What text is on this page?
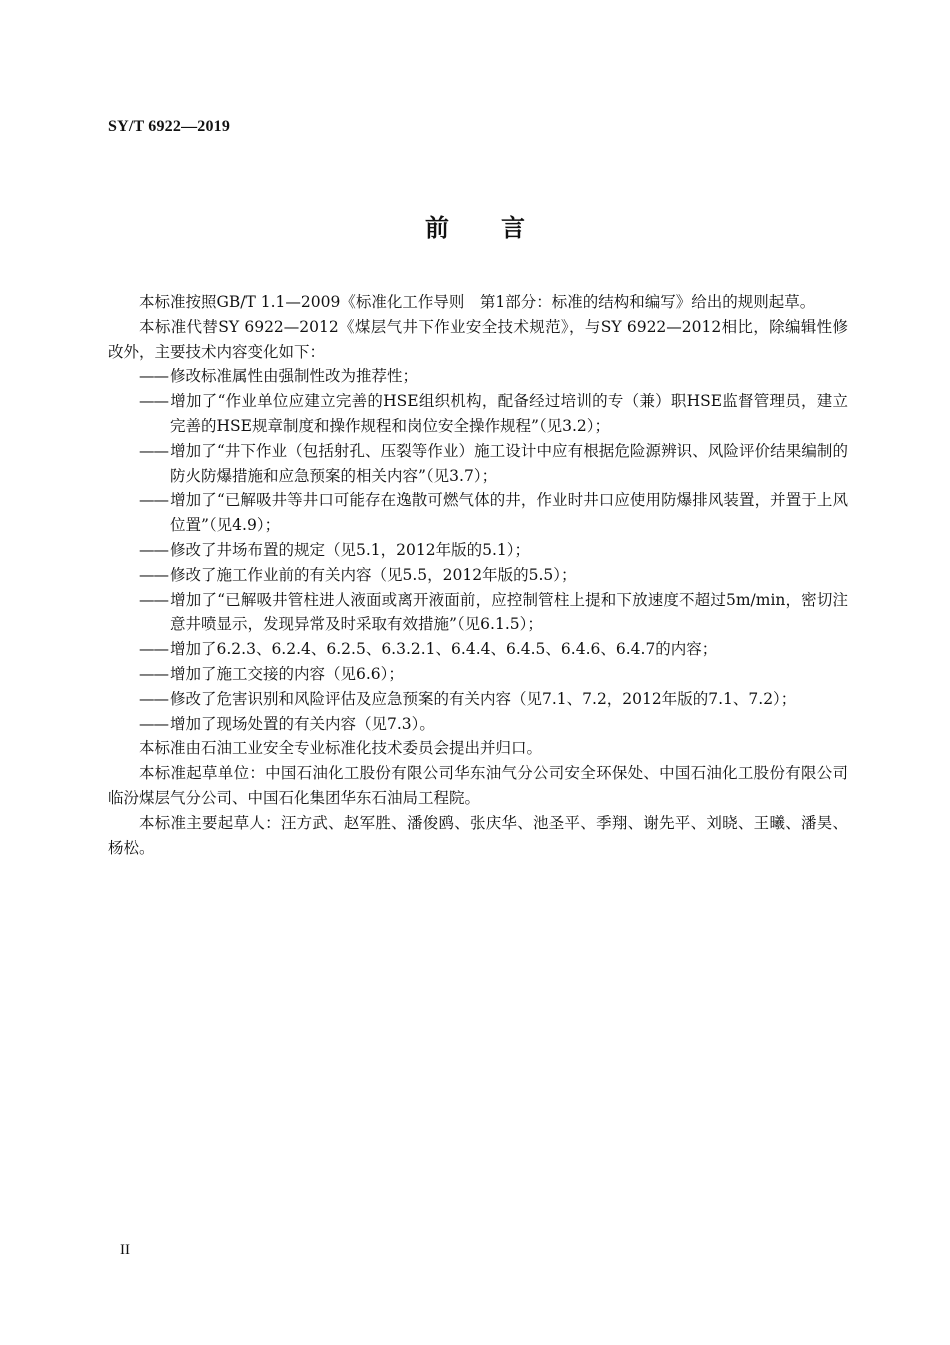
SY/T 6922—2019
前言

本标准按照GB/T 1.1—2009《标准化工作导则　第1部分：标准的结构和编写》给出的规则起草。

本标准代替SY 6922—2012《煤层气井下作业安全技术规范》，与SY 6922—2012相比，除编辑性修改外，主要技术内容变化如下：

—— 修改标准属性由强制性改为推荐性；

—— 增加了“作业单位应建立完善的HSE组织机构，配备经过培训的专（兼）职HSE监督管理员，建立完善的HSE规章制度和操作规程和岗位安全操作规程”（见3.2）；

—— 增加了“井下作业（包括射孔、压裂等作业）施工设计中应有根据危险源辨识、风险评价结果编制的防火防爆措施和应急预案的相关内容”（见3.7）；

—— 增加了“已解吸井等井口可能存在逸散可燃气体的井，作业时井口应使用防爆排风装置，并置于上风位置”（见4.9）；

—— 修改了井场布置的规定（见5.1，2012年版的5.1）；

—— 修改了施工作业前的有关内容（见5.5，2012年版的5.5）；

—— 增加了“已解吸井管柱进人液面或离开液面前，应控制管柱上提和下放速度不超过5m/min，密切注意井喷显示，发现异常及时采取有效措施”（见6.1.5）；

—— 增加了6.2.3、6.2.4、6.2.5、6.3.2.1、6.4.4、6.4.5、6.4.6、6.4.7的内容；

—— 增加了施工交接的内容（见6.6）；

—— 修改了危害识别和风险评估及应急预案的有关内容（见7.1、7.2，2012年版的7.1、7.2）；

—— 增加了现场处置的有关内容（见7.3）。

本标准由石油工业安全专业标准化技术委员会提出并归口。

本标准起草单位：中国石油化工股份有限公司华东油气分公司安全环保处、中国石油化工股份有限公司临汾煤层气分公司、中国石化集团华东石油局工程院。

本标准主要起草人：汪方武、赵军胜、潘俊鸥、张庆华、池圣平、季翔、谢先平、刘晓、王曦、潘昊、杨松。

II
